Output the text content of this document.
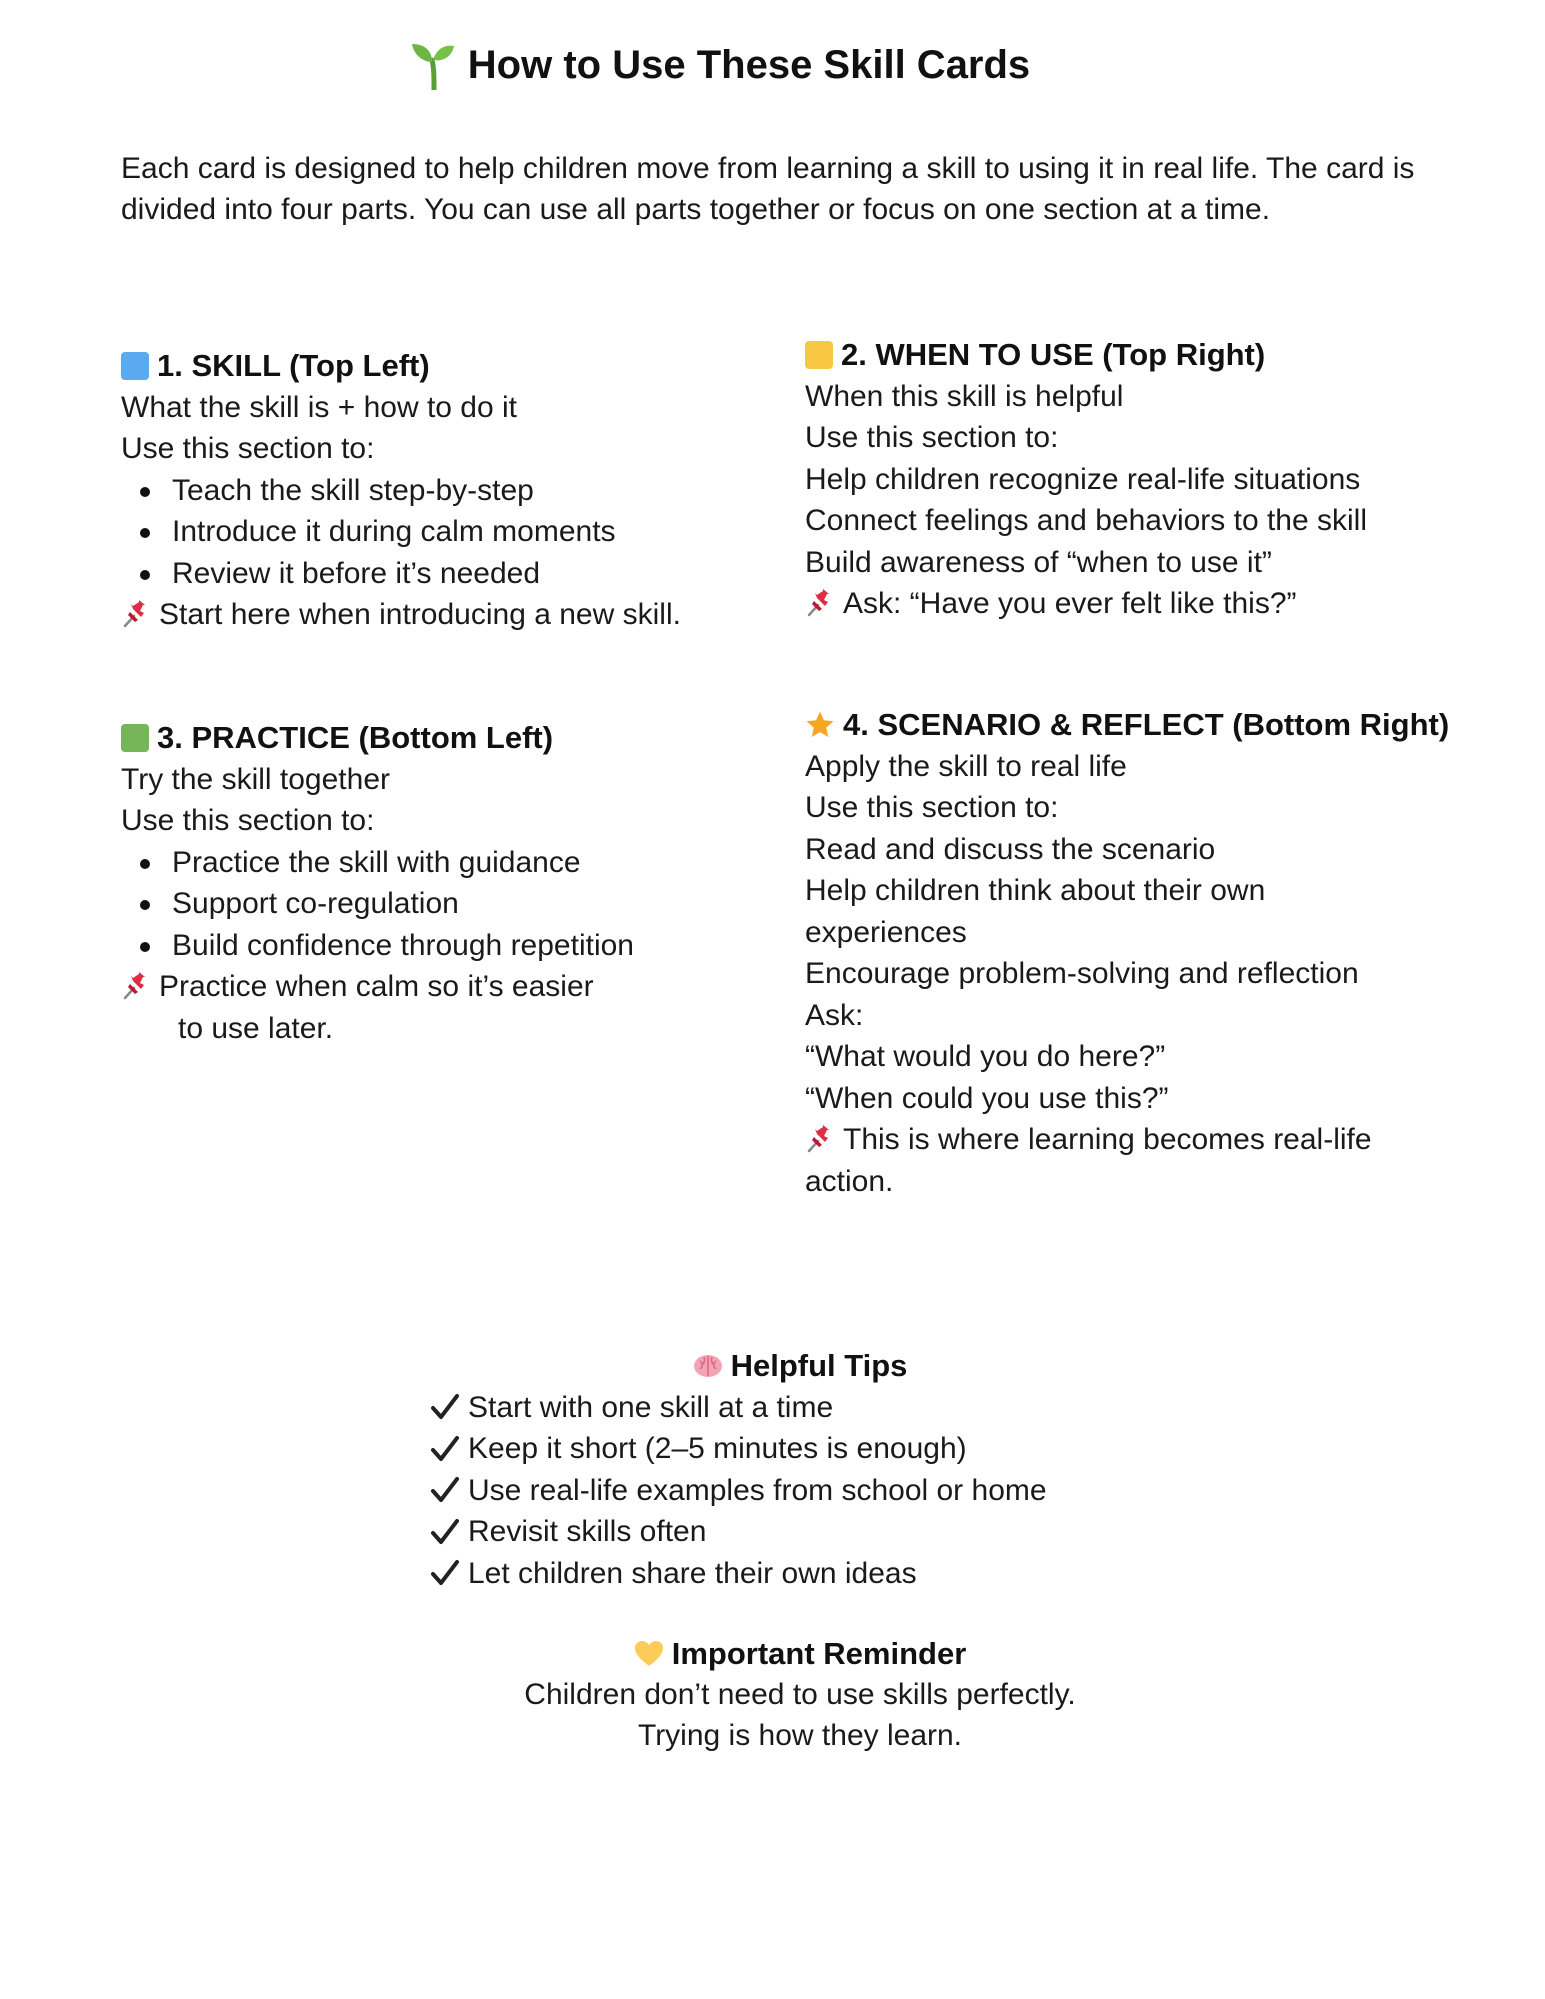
How to Use These Skill Cards

Each card is designed to help children move from learning a skill to using it in real life. The card is divided into four parts. You can use all parts together or focus on one section at a time.

1. SKILL (Top Left)
What the skill is + how to do it
Use this section to:
Teach the skill step-by-step
Introduce it during calm moments
Review it before it’s needed
Start here when introducing a new skill.
2. WHEN TO USE (Top Right)
When this skill is helpful
Use this section to:
Help children recognize real-life situations
Connect feelings and behaviors to the skill
Build awareness of “when to use it”
Ask: “Have you ever felt like this?”
3. PRACTICE (Bottom Left)
Try the skill together
Use this section to:
Practice the skill with guidance
Support co-regulation
Build confidence through repetition
Practice when calm so it’s easier
to use later.
4. SCENARIO & REFLECT (Bottom Right)
Apply the skill to real life
Use this section to:
Read and discuss the scenario
Help children think about their own
experiences
Encourage problem-solving and reflection
Ask:
“What would you do here?”
“When could you use this?”
This is where learning becomes real-life
action.
Helpful Tips
Start with one skill at a time
Keep it short (2–5 minutes is enough)
Use real-life examples from school or home
Revisit skills often
Let children share their own ideas
Important Reminder
Children don’t need to use skills perfectly.
Trying is how they learn.
